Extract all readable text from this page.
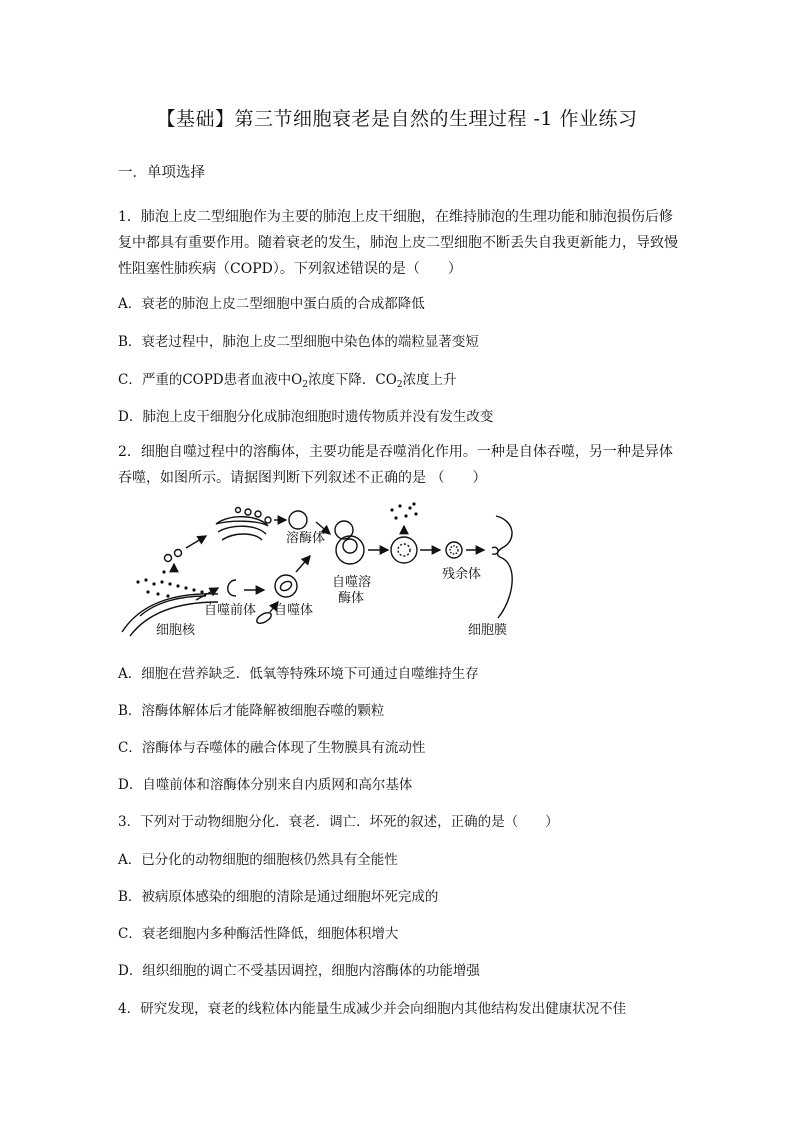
【基础】第三节细胞衰老是自然的生理过程 -1 作业练习
一．单项选择
1．肺泡上皮二型细胞作为主要的肺泡上皮干细胞，在维持肺泡的生理功能和肺泡损伤后修复中都具有重要作用。随着衰老的发生，肺泡上皮二型细胞不断丢失自我更新能力，导致慢性阻塞性肺疾病（COPD）。下列叙述错误的是（　　）
A．衰老的肺泡上皮二型细胞中蛋白质的合成都降低
B．衰老过程中，肺泡上皮二型细胞中染色体的端粒显著变短
C．严重的COPD患者血液中$O_2$浓度下降．$CO_2$浓度上升
D．肺泡上皮干细胞分化成肺泡细胞时遗传物质并没有发生改变
2．细胞自噬过程中的溶酶体，主要功能是吞噬消化作用。一种是自体吞噬，另一种是异体吞噬，如图所示。请据图判断下列叙述不正确的是 （　　）
溶酶体
自噬溶
酶体
残余体
自噬前体 自噬体
细胞核	细胞膜
A．细胞在营养缺乏．低氧等特殊环境下可通过自噬维持生存
B．溶酶体解体后才能降解被细胞吞噬的颗粒
C．溶酶体与吞噬体的融合体现了生物膜具有流动性
D．自噬前体和溶酶体分别来自内质网和高尔基体
3．下列对于动物细胞分化．衰老．调亡．坏死的叙述，正确的是（　　）
A．已分化的动物细胞的细胞核仍然具有全能性
B．被病原体感染的细胞的清除是通过细胞坏死完成的
C．衰老细胞内多种酶活性降低，细胞体积增大
D．组织细胞的调亡不受基因调控，细胞内溶酶体的功能增强
4．研究发现，衰老的线粒体内能量生成减少并会向细胞内其他结构发出健康状况不佳
